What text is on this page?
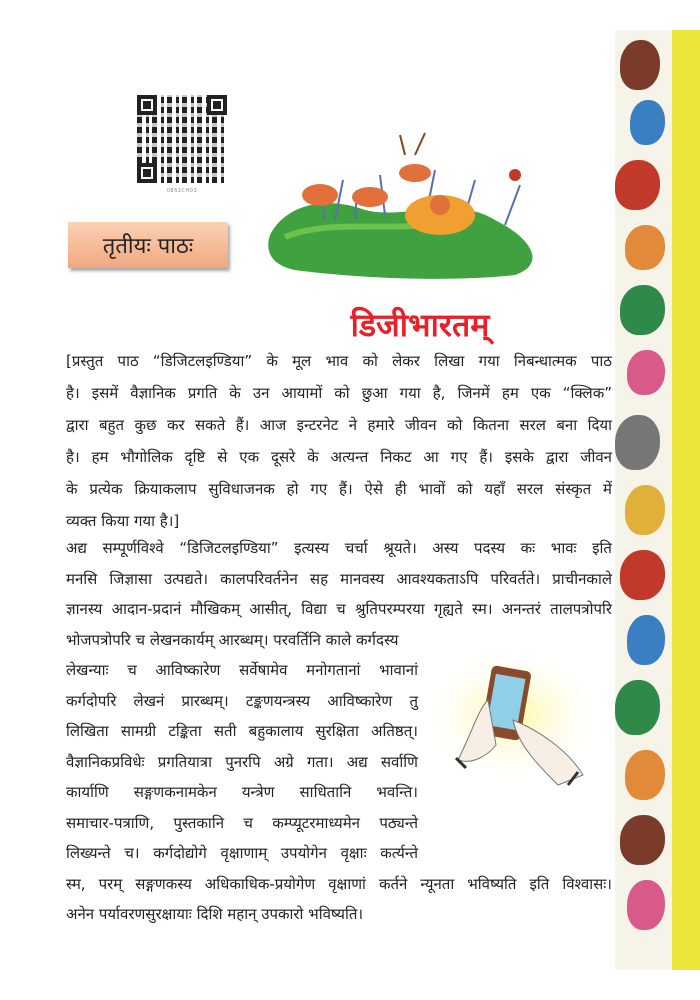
0851CH03
तृतीयः पाठः
डिजीभारतम्
[प्रस्तुत पाठ “डिजिटलइण्डिया” के मूल भाव को लेकर लिखा गया निबन्धात्मक पाठ
है। इसमें वैज्ञानिक प्रगति के उन आयामों को छुआ गया है, जिनमें हम एक “क्लिक”
द्वारा बहुत कुछ कर सकते हैं। आज इन्टरनेट ने हमारे जीवन को कितना सरल बना दिया
है। हम भौगोलिक दृष्टि से एक दूसरे के अत्यन्त निकट आ गए हैं। इसके द्वारा जीवन
के प्रत्येक क्रियाकलाप सुविधाजनक हो गए हैं। ऐसे ही भावों को यहाँ सरल संस्कृत में
व्यक्त किया गया है।]
अद्य सम्पूर्णविश्वे “डिजिटलइण्डिया” इत्यस्य चर्चा श्रूयते। अस्य पदस्य कः भावः इति
मनसि जिज्ञासा उत्पद्यते। कालपरिवर्तनेन सह मानवस्य आवश्यकताऽपि परिवर्तते। प्राचीनकाले
ज्ञानस्य आदान-प्रदानं मौखिकम् आसीत्, विद्या च श्रुतिपरम्परया गृह्यते स्म। अनन्तरं तालपत्रोपरि
भोजपत्रोपरि च लेखनकार्यम् आरब्धम्। परवर्तिनि काले कर्गदस्य
लेखन्याः च आविष्कारेण सर्वेषामेव मनोगतानां भावानां
कर्गदोपरि लेखनं प्रारब्धम्। टङ्कणयन्त्रस्य आविष्कारेण तु
लिखिता सामग्री टङ्किता सती बहुकालाय सुरक्षिता अतिष्ठत्।
वैज्ञानिकप्रविधेः प्रगतियात्रा पुनरपि अग्रे गता। अद्य सर्वाणि
कार्याणि सङ्गणकनामकेन यन्त्रेण साधितानि भवन्ति।
समाचार-पत्राणि, पुस्तकानि च कम्प्यूटरमाध्यमेन पठ्यन्ते
लिख्यन्ते च। कर्गदोद्योगे वृक्षाणाम् उपयोगेन वृक्षाः कर्त्यन्ते
स्म, परम् सङ्गणकस्य अधिकाधिक-प्रयोगेण वृक्षाणां कर्तने न्यूनता भविष्यति इति विश्वासः।
अनेन पर्यावरणसुरक्षायाः दिशि महान् उपकारो भविष्यति।
